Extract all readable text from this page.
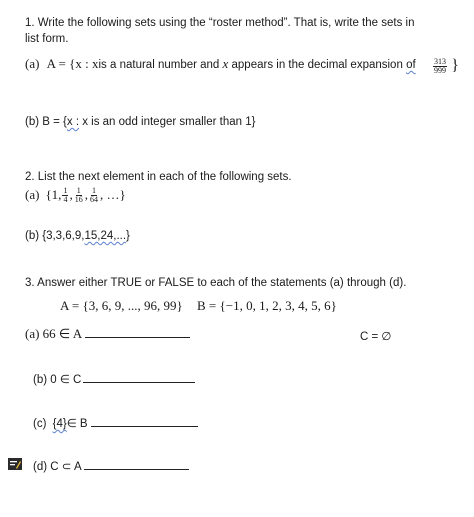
1. Write the following sets using the “roster method”. That is, write the sets in
list form.
(a) A = {x : xis a natural number and x appears in the decimal expansion of $\frac{313}{999}$ }
(b) B = {x : x is an odd integer smaller than 1}
2. List the next element in each of the following sets.
(a) {1, $\frac{1}{4}$ , $\frac{1}{16}$ , $\frac{1}{64}$ , …}
(b) {3,3,6,9,15,24,...}
3. Answer either TRUE or FALSE to each of the statements (a) through (d).
A = {3, 6, 9, ..., 96, 99} B = {−1, 0, 1, 2, 3, 4, 5, 6}
(a) 66 ∈ A	C = ∅
(b) 0 ∈ C
(c) {4}∈ B
(d) C ⊂ A
